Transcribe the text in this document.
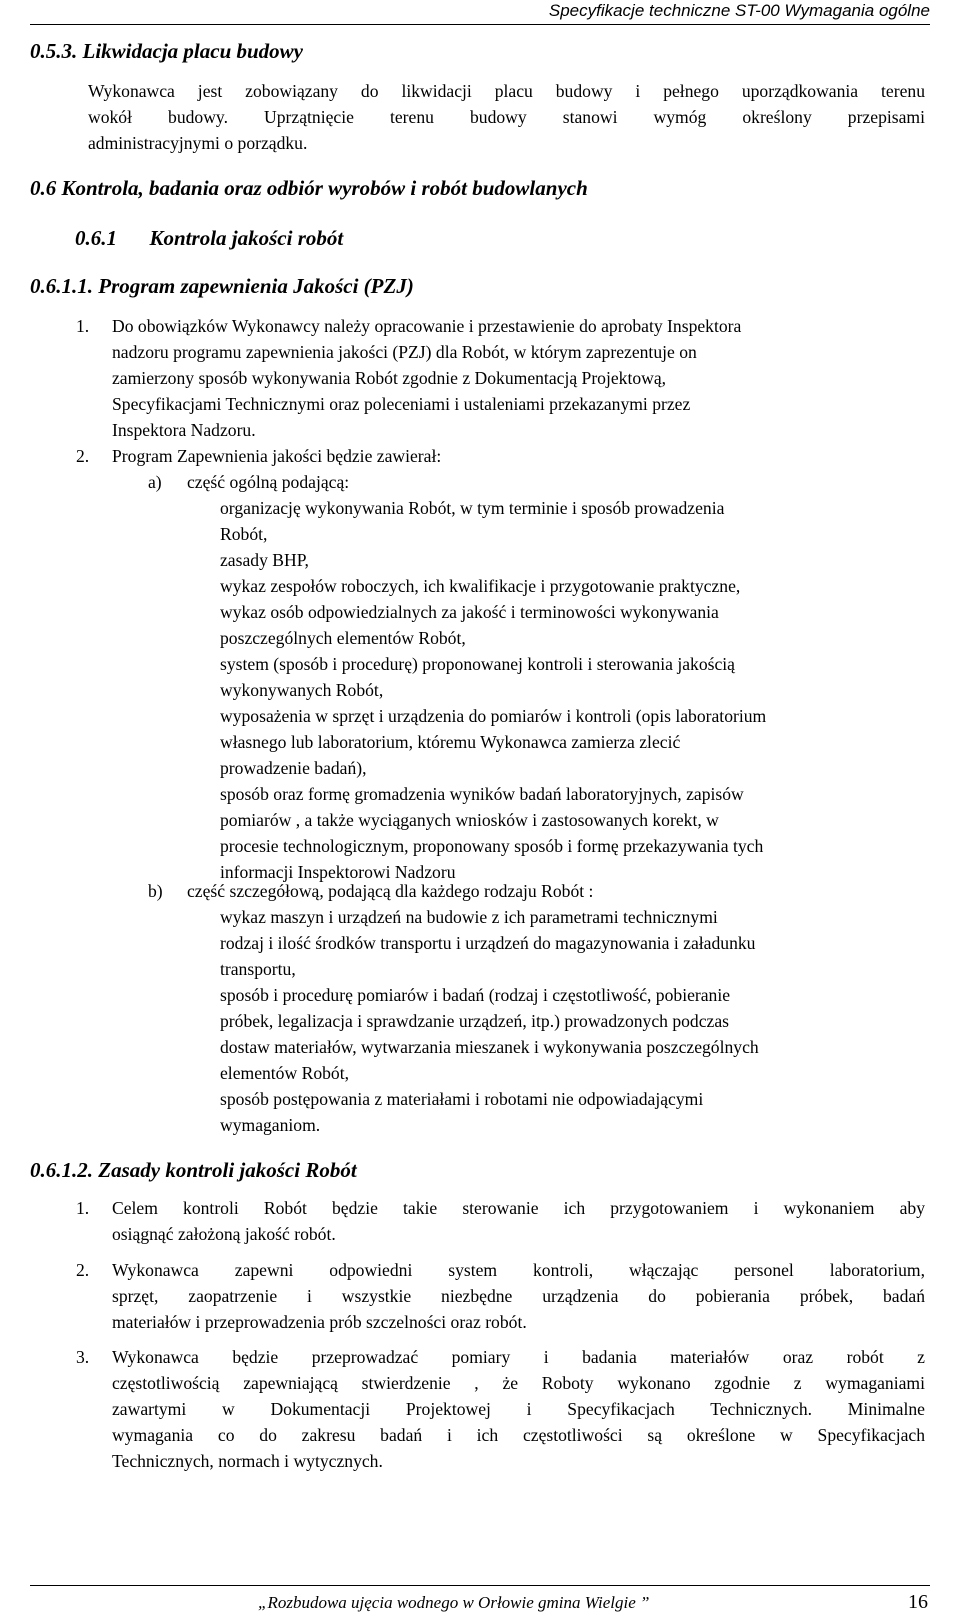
Specyfikacje techniczne ST-00 Wymagania ogólne
0.5.3. Likwidacja placu budowy
Wykonawca jest zobowiązany do likwidacji placu budowy i pełnego uporządkowania terenu
wokół budowy. Uprzątnięcie terenu budowy stanowi wymóg określony przepisami
administracyjnymi o porządku.
0.6 Kontrola, badania oraz odbiór wyrobów i robót budowlanych
0.6.1 Kontrola jakości robót
0.6.1.1. Program zapewnienia Jakości (PZJ)
1. Do obowiązków Wykonawcy należy opracowanie i przestawienie do aprobaty Inspektora
nadzoru programu zapewnienia jakości (PZJ) dla Robót, w którym zaprezentuje on
zamierzony sposób wykonywania Robót zgodnie z Dokumentacją Projektową,
Specyfikacjami Technicznymi oraz poleceniami i ustaleniami przekazanymi przez
Inspektora Nadzoru.
2. Program Zapewnienia jakości będzie zawierał:
a) część ogólną podającą:
organizację wykonywania Robót, w tym terminie i sposób prowadzenia
Robót,
zasady BHP,
wykaz zespołów roboczych, ich kwalifikacje i przygotowanie praktyczne,
wykaz osób odpowiedzialnych za jakość i terminowości wykonywania
poszczególnych elementów Robót,
system (sposób i procedurę) proponowanej kontroli i sterowania jakością
wykonywanych Robót,
wyposażenia w sprzęt i urządzenia do pomiarów i kontroli (opis laboratorium
własnego lub laboratorium, któremu Wykonawca zamierza zlecić
prowadzenie badań),
sposób oraz formę gromadzenia wyników badań laboratoryjnych, zapisów
pomiarów , a także wyciąganych wniosków i zastosowanych korekt, w
procesie technologicznym, proponowany sposób i formę przekazywania tych
informacji Inspektorowi Nadzoru
b) część szczegółową, podającą dla każdego rodzaju Robót :
wykaz maszyn i urządzeń na budowie z ich parametrami technicznymi
rodzaj i ilość środków transportu i urządzeń do magazynowania i załadunku
transportu,
sposób i procedurę pomiarów i badań (rodzaj i częstotliwość, pobieranie
próbek, legalizacja i sprawdzanie urządzeń, itp.) prowadzonych podczas
dostaw materiałów, wytwarzania mieszanek i wykonywania poszczególnych
elementów Robót,
sposób postępowania z materiałami i robotami nie odpowiadającymi
wymaganiom.
0.6.1.2. Zasady kontroli jakości Robót
1. Celem kontroli Robót będzie takie sterowanie ich przygotowaniem i wykonaniem aby
osiągnąć założoną jakość robót.
2. Wykonawca zapewni odpowiedni system kontroli, włączając personel laboratorium,
sprzęt, zaopatrzenie i wszystkie niezbędne urządzenia do pobierania próbek, badań
materiałów i przeprowadzenia prób szczelności oraz robót.
3. Wykonawca będzie przeprowadzać pomiary i badania materiałów oraz robót z
częstotliwością zapewniającą stwierdzenie , że Roboty wykonano zgodnie z wymaganiami
zawartymi w Dokumentacji Projektowej i Specyfikacjach Technicznych. Minimalne
wymagania co do zakresu badań i ich częstotliwości są określone w Specyfikacjach
Technicznych, normach i wytycznych.
„Rozbudowa ujęcia wodnego w Orłowie gmina Wielgie ”	16
